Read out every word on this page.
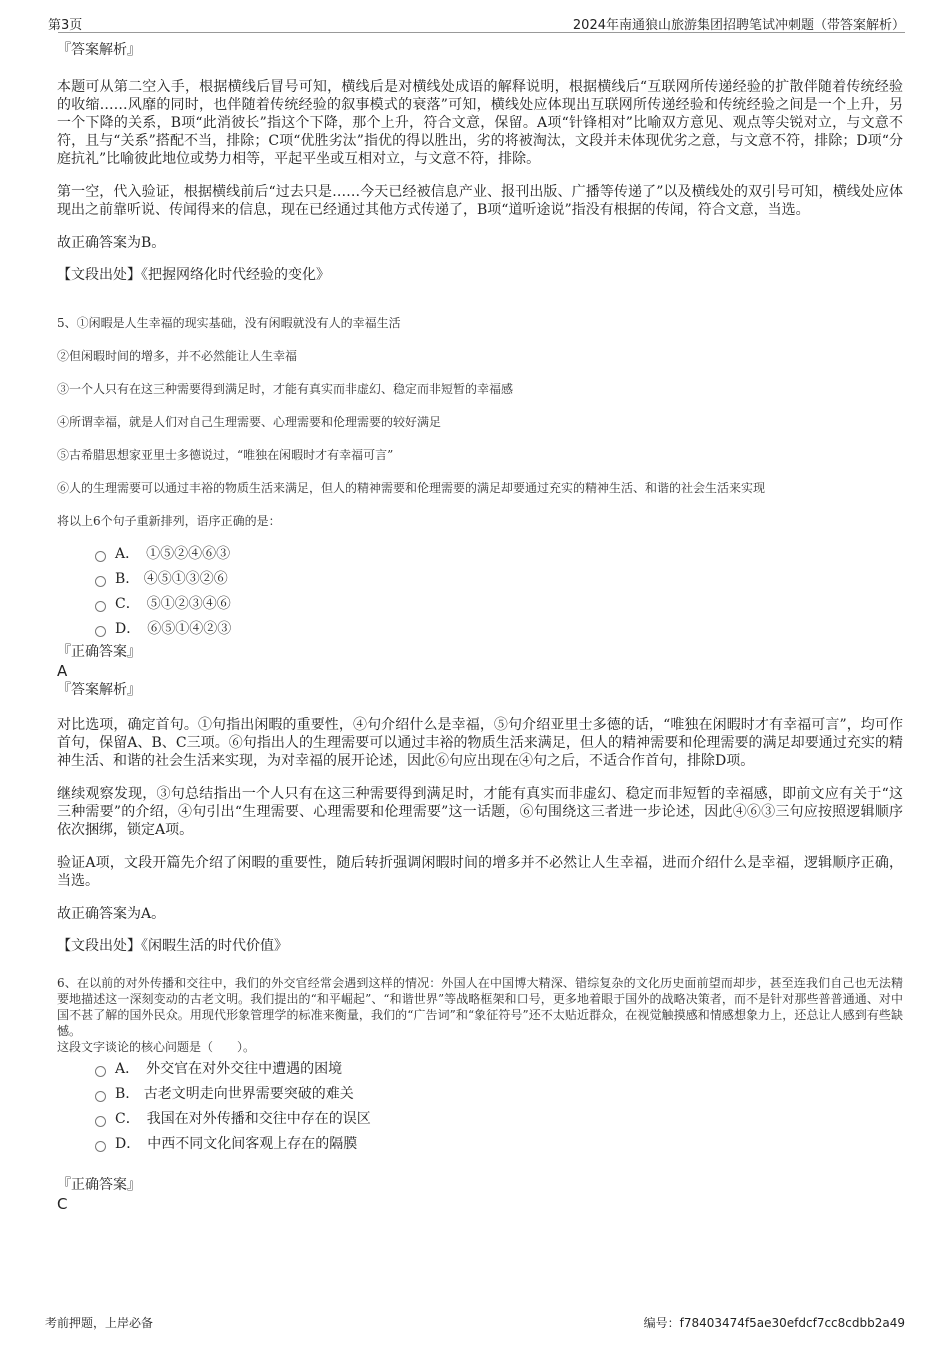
第3页	2024年南通狼山旅游集团招聘笔试冲刺题（带答案解析）

『答案解析』

本题可从第二空入手，根据横线后冒号可知，横线后是对横线处成语的解释说明，根据横线后“互联网所传递经验的扩散伴随着传统经验的收缩……风靡的同时，也伴随着传统经验的叙事模式的衰落”可知，横线处应体现出互联网所传递经验和传统经验之间是一个上升，另一个下降的关系，B项“此消彼长”指这个下降，那个上升，符合文意，保留。A项“针锋相对”比喻双方意见、观点等尖锐对立，与文意不符，且与“关系”搭配不当，排除；C项“优胜劣汰”指优的得以胜出，劣的将被淘汰，文段并未体现优劣之意，与文意不符，排除；D项“分庭抗礼”比喻彼此地位或势力相等，平起平坐或互相对立，与文意不符，排除。

第一空，代入验证，根据横线前后“过去只是……今天已经被信息产业、报刊出版、广播等传递了”以及横线处的双引号可知，横线处应体现出之前靠听说、传闻得来的信息，现在已经通过其他方式传递了，B项“道听途说”指没有根据的传闻，符合文意，当选。

故正确答案为B。

【文段出处】《把握网络化时代经验的变化》

5、①闲暇是人生幸福的现实基础，没有闲暇就没有人的幸福生活

②但闲暇时间的增多，并不必然能让人生幸福

③一个人只有在这三种需要得到满足时，才能有真实而非虚幻、稳定而非短暂的幸福感

④所谓幸福，就是人们对自己生理需要、心理需要和伦理需要的较好满足

⑤古希腊思想家亚里士多德说过，“唯独在闲暇时才有幸福可言”

⑥人的生理需要可以通过丰裕的物质生活来满足，但人的精神需要和伦理需要的满足却要通过充实的精神生活、和谐的社会生活来实现

将以上6个句子重新排列，语序正确的是：

A．　①⑤②④⑥③
B.　④⑤①③②⑥
C．　⑤①②③④⑥
D．　⑥⑤①④②③

『正确答案』

A

『答案解析』

对比选项，确定首句。①句指出闲暇的重要性，④句介绍什么是幸福，⑤句介绍亚里士多德的话，“唯独在闲暇时才有幸福可言”，均可作首句，保留A、B、C三项。⑥句指出人的生理需要可以通过丰裕的物质生活来满足，但人的精神需要和伦理需要的满足却要通过充实的精神生活、和谐的社会生活来实现，为对幸福的展开论述，因此⑥句应出现在④句之后，不适合作首句，排除D项。

继续观察发现，③句总结指出一个人只有在这三种需要得到满足时，才能有真实而非虚幻、稳定而非短暂的幸福感，即前文应有关于“这三种需要”的介绍，④句引出“生理需要、心理需要和伦理需要”这一话题，⑥句围绕这三者进一步论述，因此④⑥③三句应按照逻辑顺序依次捆绑，锁定A项。

验证A项，文段开篇先介绍了闲暇的重要性，随后转折强调闲暇时间的增多并不必然让人生幸福，进而介绍什么是幸福，逻辑顺序正确，当选。

故正确答案为A。

【文段出处】《闲暇生活的时代价值》

6、在以前的对外传播和交往中，我们的外交官经常会遇到这样的情况：外国人在中国博大精深、错综复杂的文化历史面前望而却步，甚至连我们自己也无法精要地描述这一深刻变动的古老文明。我们提出的“和平崛起”、“和谐世界”等战略框架和口号，更多地着眼于国外的战略决策者，而不是针对那些普普通通、对中国不甚了解的国外民众。用现代形象管理学的标准来衡量，我们的“广告词”和“象征符号”还不太贴近群众，在视觉触摸感和情感想象力上，还总让人感到有些缺憾。

这段文字谈论的核心问题是（　　）。

A．　外交官在对外交往中遭遇的困境
B.　古老文明走向世界需要突破的难关
C．　我国在对外传播和交往中存在的误区
D．　中西不同文化间客观上存在的隔膜

『正确答案』

C

考前押题，上岸必备	编号：f78403474f5ae30efdcf7cc8cdbb2a49
